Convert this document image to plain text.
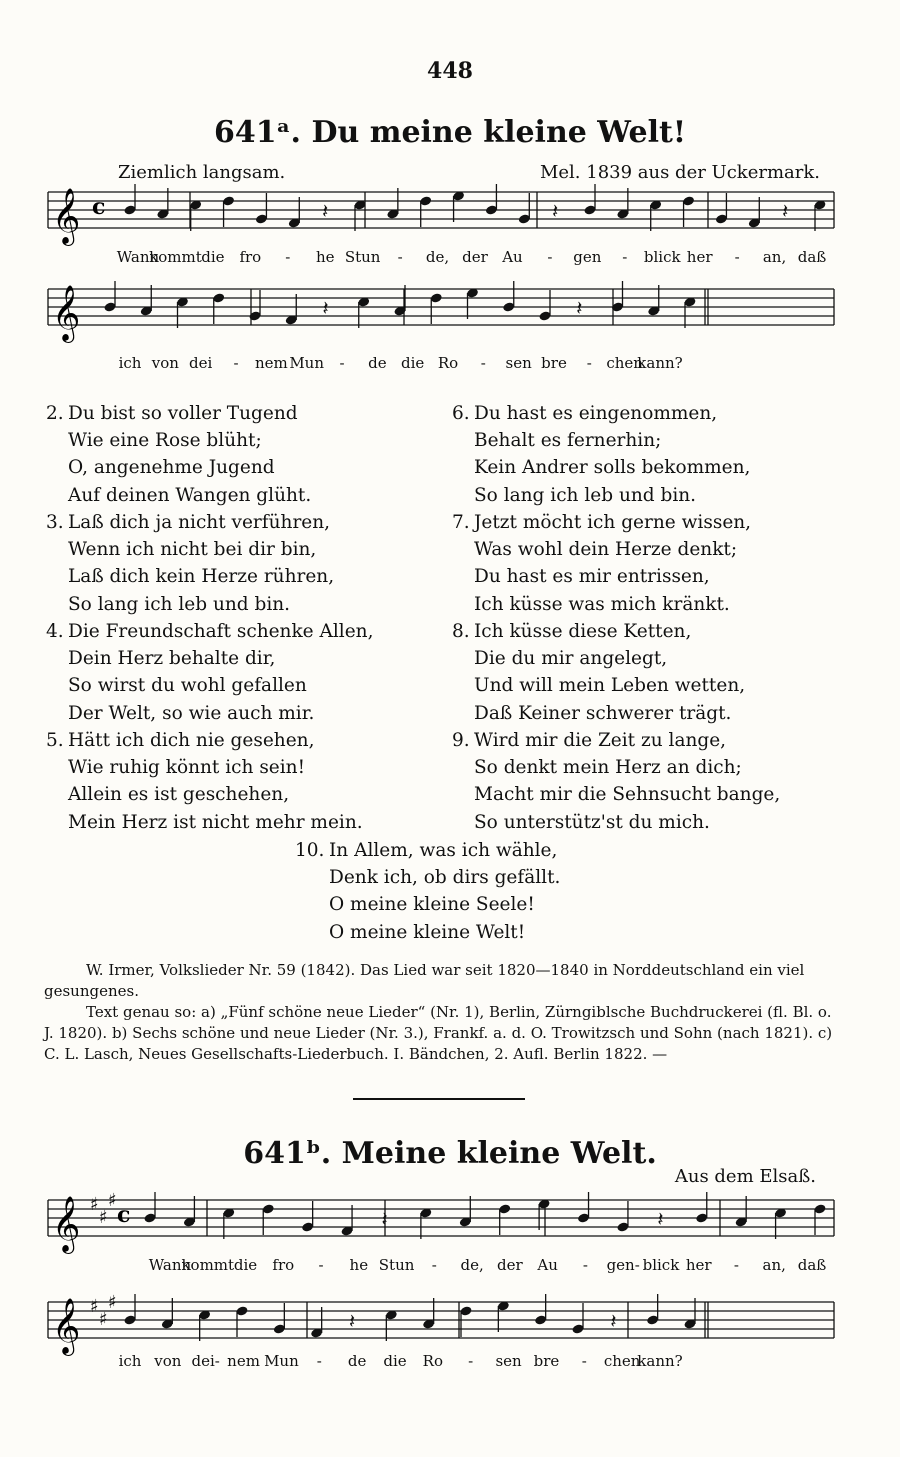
448
641ᵃ. Du meine kleine Welt!
Ziemlich langsam.	Mel. 1839 aus der Uckermark.
𝄞 c	𝄽	𝄽	𝄽
Wann
kommt die fro - he Stun - de, der Au - gen - blick her - an, daß
𝄞	𝄽	𝄽
ich von dei - nem Mun - de die Ro - sen bre - chen
kann?
2. Du bist so voller Tugend
Wie eine Rose blüht;
O, angenehme Jugend
Auf deinen Wangen glüht.
3. Laß dich ja nicht verführen,
Wenn ich nicht bei dir bin,
Laß dich kein Herze rühren,
So lang ich leb und bin.
4. Die Freundschaft schenke Allen,
Dein Herz behalte dir,
So wirst du wohl gefallen
Der Welt, so wie auch mir.
5. Hätt ich dich nie gesehen,
Wie ruhig könnt ich sein!
Allein es ist geschehen,
Mein Herz ist nicht mehr mein.
6. Du hast es eingenommen,
Behalt es fernerhin;
Kein Andrer solls bekommen,
So lang ich leb und bin.
7. Jetzt möcht ich gerne wissen,
Was wohl dein Herze denkt;
Du hast es mir entrissen,
Ich küsse was mich kränkt.
8. Ich küsse diese Ketten,
Die du mir angelegt,
Und will mein Leben wetten,
Daß Keiner schwerer trägt.
9. Wird mir die Zeit zu lange,
So denkt mein Herz an dich;
Macht mir die Sehnsucht bange,
So unterstütz'st du mich.
10. In Allem, was ich wähle,
Denk ich, ob dirs gefällt.
O meine kleine Seele!
O meine kleine Welt!

W. Irmer, Volkslieder Nr. 59 (1842). Das Lied war seit 1820—1840 in Norddeutschland ein viel gesungenes.

Text genau so: a) „Fünf schöne neue Lieder“ (Nr. 1), Berlin, Zürngiblsche Buchdruckerei (fl. Bl. o. J. 1820). b) Sechs schöne und neue Lieder (Nr. 3.), Frankf. a. d. O. Trowitzsch und Sohn (nach 1821). c) C. L. Lasch, Neues Gesellschafts-Liederbuch. I. Bändchen, 2. Aufl. Berlin 1822. —

641ᵇ. Meine kleine Welt.
Aus dem Elsaß.
𝄞 ♯
♯
♯
c	𝄽	𝄽
Wann
kommt die fro - he Stun - de, der Au - gen- blick her - an, daß
𝄞 ♯
♯
♯
𝄽	𝄽
ich von dei- nem Mun - de die Ro - sen bre - chen
kann?
